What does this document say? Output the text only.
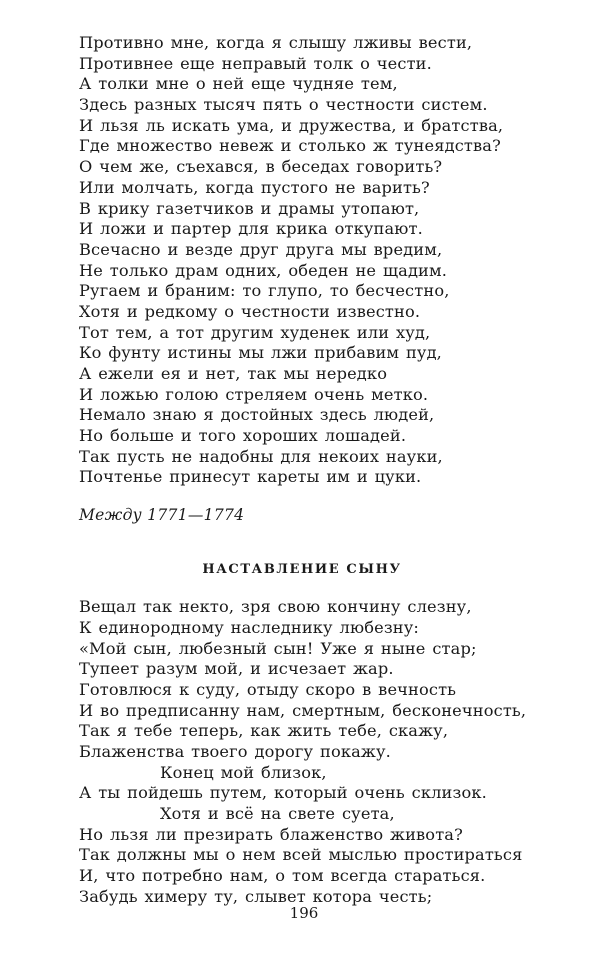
Противно мне, когда я слышу лживы вести,
Противнее еще неправый толк о чести.
А толки мне о ней еще чудняе тем,
Здесь разных тысяч пять о честности систем.
И льзя ль искать ума, и дружества, и братства,
Где множество невеж и столько ж тунеядства?
О чем же, съехався, в беседах говорить?
Или молчать, когда пустого не варить?
В крику газетчиков и драмы утопают,
И ложи и партер для крика откупают.
Всечасно и везде друг друга мы вредим,
Не только драм одних, обеден не щадим.
Ругаем и браним: то глупо, то бесчестно,
Хотя и редкому о честности известно.
Тот тем, а тот другим худенек или худ,
Ко фунту истины мы лжи прибавим пуд,
А ежели ея и нет, так мы нередко
И ложью голою стреляем очень метко.
Немало знаю я достойных здесь людей,
Но больше и того хороших лошадей.
Так пусть не надобны для некоих науки,
Почтенье принесут кареты им и цуки.
Между 1771—1774
НАСТАВЛЕНИЕ СЫНУ
Вещал так некто, зря свою кончину слезну,
К единородному наследнику любезну:
«Мой сын, любезный сын! Уже я ныне стар;
Тупеет разум мой, и исчезает жар.
Готовлюся к суду, отыду скоро в вечность
И во предписанну нам, смертным, бесконечность,
Так я тебе теперь, как жить тебе, скажу,
Блаженства твоего дорогу покажу.
Конец мой близок,
А ты пойдешь путем, который очень склизок.
Хотя и всё на свете суета,
Но льзя ли презирать блаженство живота?
Так должны мы о нем всей мыслью простираться
И, что потребно нам, о том всегда стараться.
Забудь химеру ту, слывет котора честь;
196
